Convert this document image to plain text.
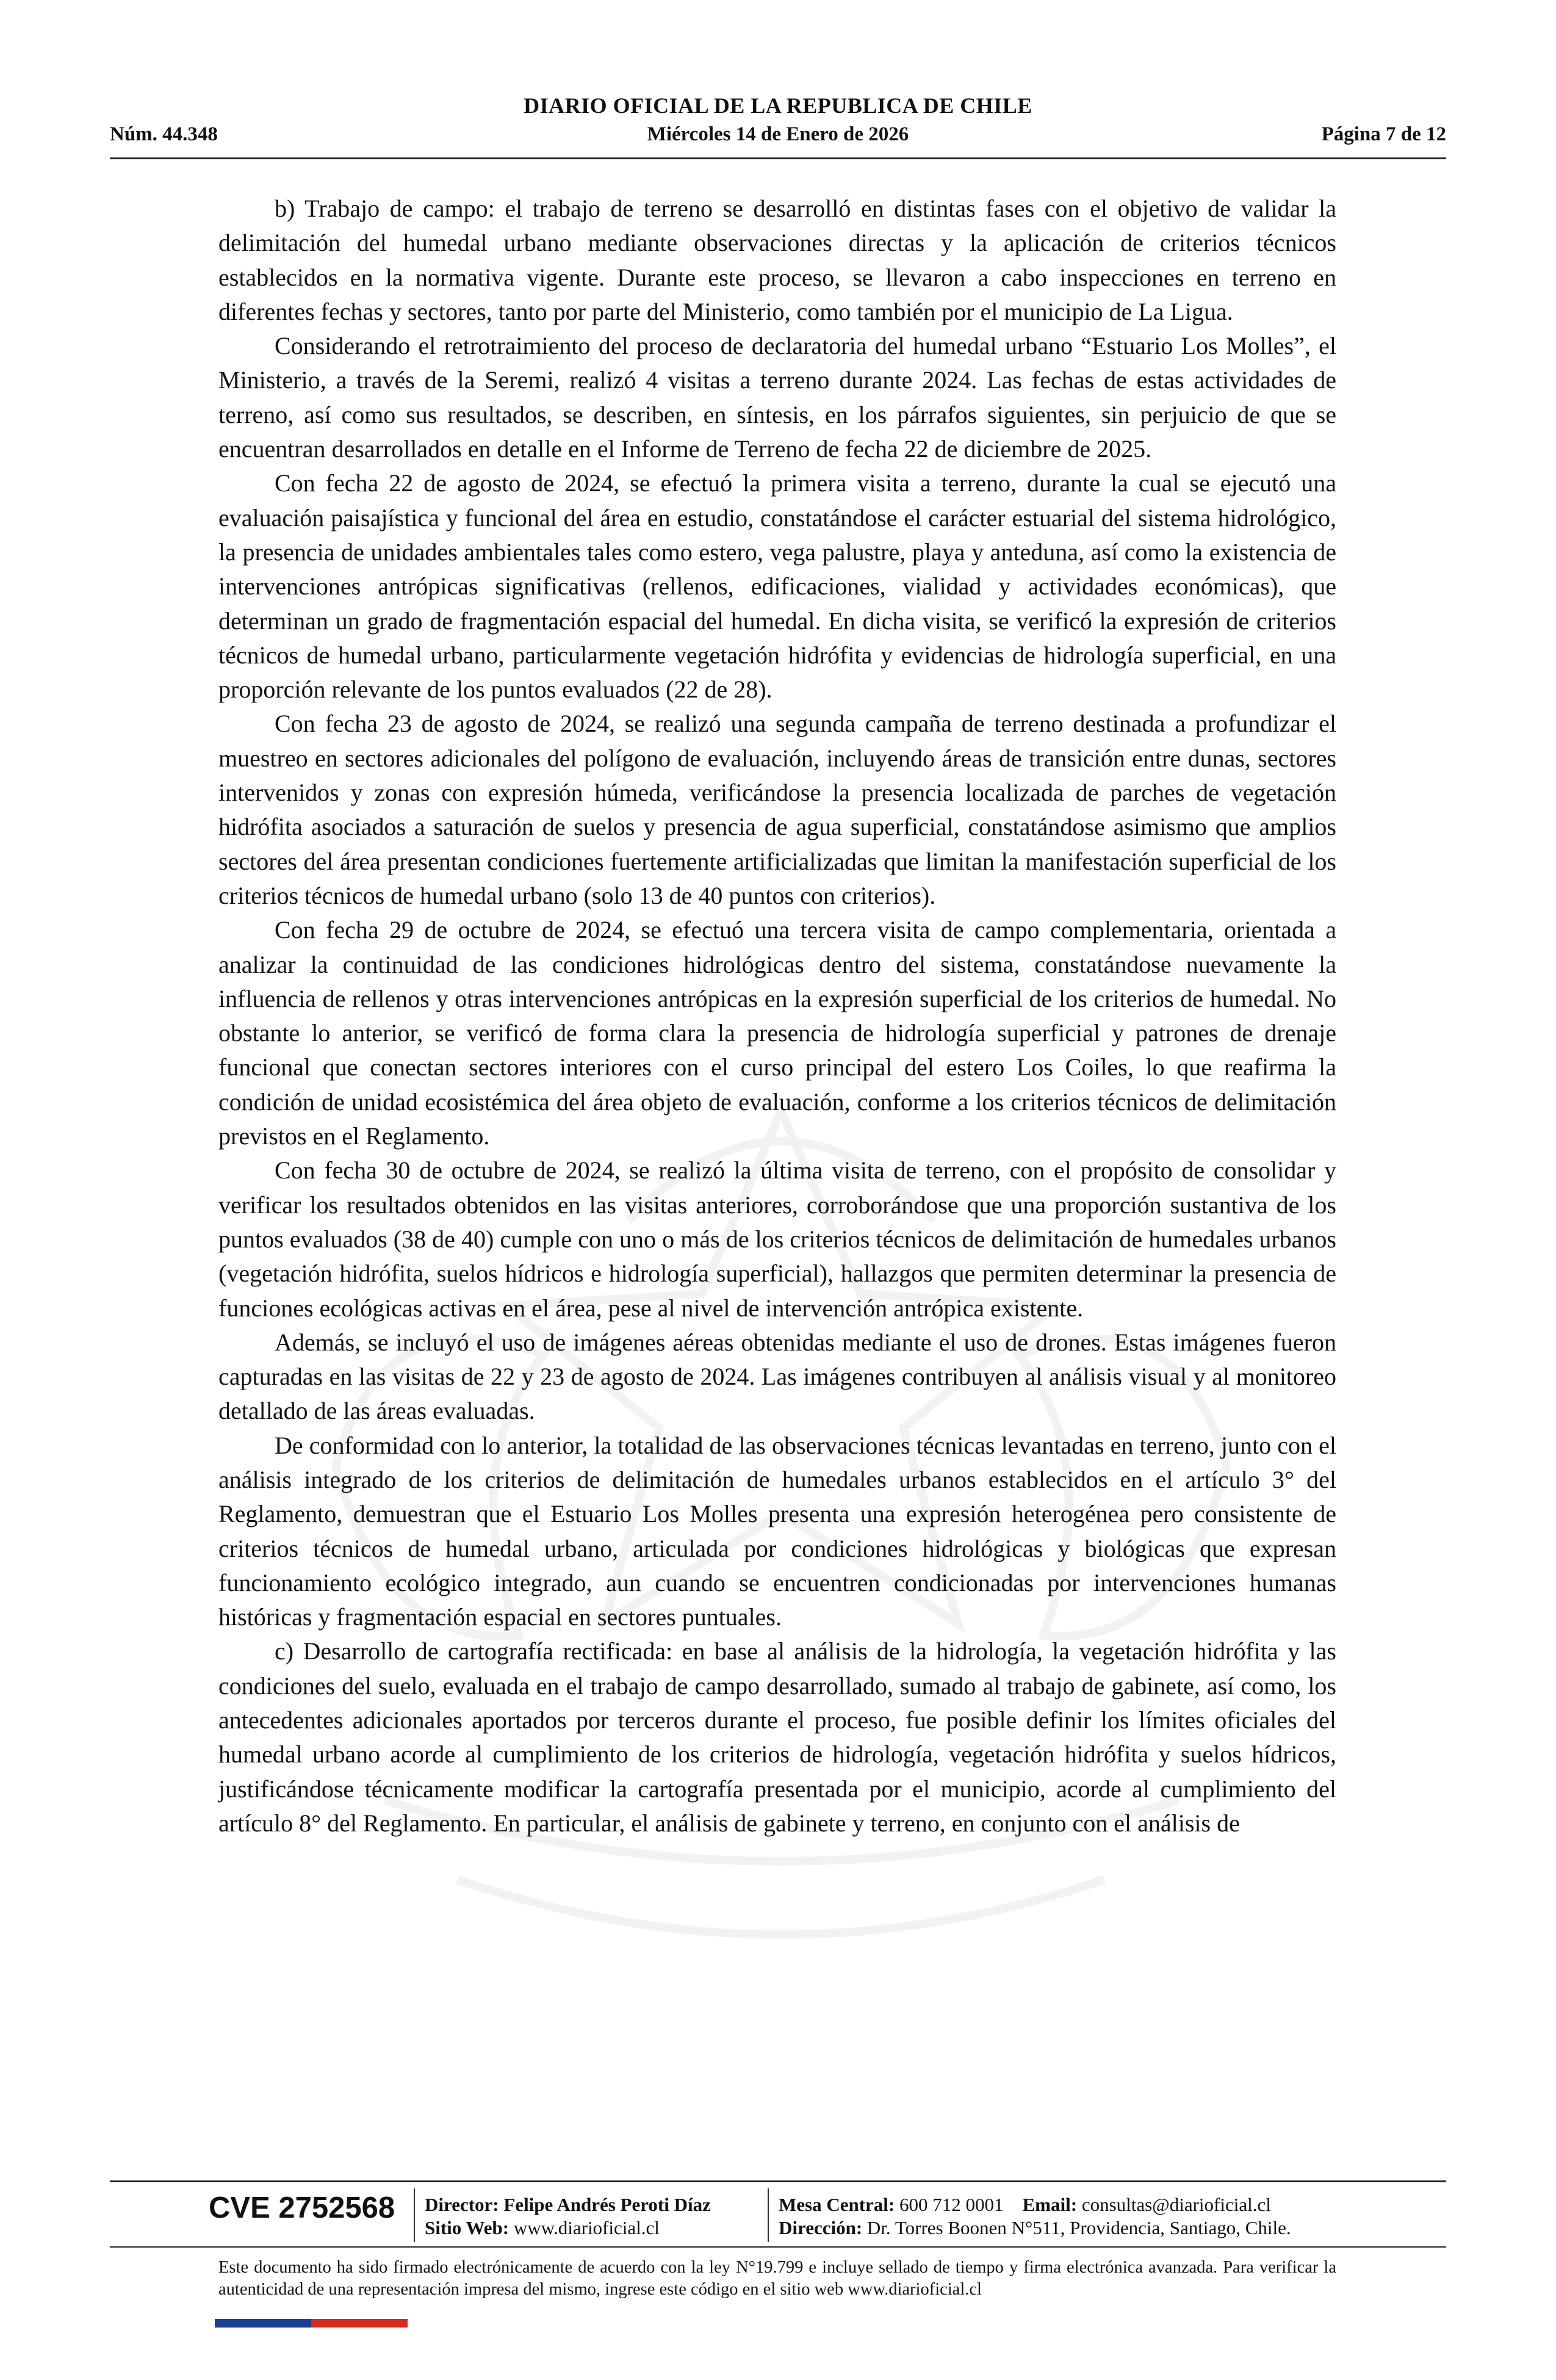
DIARIO OFICIAL DE LA REPUBLICA DE CHILE
Núm. 44.348	Miércoles 14 de Enero de 2026	Página 7 de 12

b) Trabajo de campo: el trabajo de terreno se desarrolló en distintas fases con el objetivo de validar la delimitación del humedal urbano mediante observaciones directas y la aplicación de criterios técnicos establecidos en la normativa vigente. Durante este proceso, se llevaron a cabo inspecciones en terreno en diferentes fechas y sectores, tanto por parte del Ministerio, como también por el municipio de La Ligua.

Considerando el retrotraimiento del proceso de declaratoria del humedal urbano “Estuario Los Molles”, el Ministerio, a través de la Seremi, realizó 4 visitas a terreno durante 2024. Las fechas de estas actividades de terreno, así como sus resultados, se describen, en síntesis, en los párrafos siguientes, sin perjuicio de que se encuentran desarrollados en detalle en el Informe de Terreno de fecha 22 de diciembre de 2025.

Con fecha 22 de agosto de 2024, se efectuó la primera visita a terreno, durante la cual se ejecutó una evaluación paisajística y funcional del área en estudio, constatándose el carácter estuarial del sistema hidrológico, la presencia de unidades ambientales tales como estero, vega palustre, playa y anteduna, así como la existencia de intervenciones antrópicas significativas (rellenos, edificaciones, vialidad y actividades económicas), que determinan un grado de fragmentación espacial del humedal. En dicha visita, se verificó la expresión de criterios técnicos de humedal urbano, particularmente vegetación hidrófita y evidencias de hidrología superficial, en una proporción relevante de los puntos evaluados (22 de 28).

Con fecha 23 de agosto de 2024, se realizó una segunda campaña de terreno destinada a profundizar el muestreo en sectores adicionales del polígono de evaluación, incluyendo áreas de transición entre dunas, sectores intervenidos y zonas con expresión húmeda, verificándose la presencia localizada de parches de vegetación hidrófita asociados a saturación de suelos y presencia de agua superficial, constatándose asimismo que amplios sectores del área presentan condiciones fuertemente artificializadas que limitan la manifestación superficial de los criterios técnicos de humedal urbano (solo 13 de 40 puntos con criterios).

Con fecha 29 de octubre de 2024, se efectuó una tercera visita de campo complementaria, orientada a analizar la continuidad de las condiciones hidrológicas dentro del sistema, constatándose nuevamente la influencia de rellenos y otras intervenciones antrópicas en la expresión superficial de los criterios de humedal. No obstante lo anterior, se verificó de forma clara la presencia de hidrología superficial y patrones de drenaje funcional que conectan sectores interiores con el curso principal del estero Los Coiles, lo que reafirma la condición de unidad ecosistémica del área objeto de evaluación, conforme a los criterios técnicos de delimitación previstos en el Reglamento.

Con fecha 30 de octubre de 2024, se realizó la última visita de terreno, con el propósito de consolidar y verificar los resultados obtenidos en las visitas anteriores, corroborándose que una proporción sustantiva de los puntos evaluados (38 de 40) cumple con uno o más de los criterios técnicos de delimitación de humedales urbanos (vegetación hidrófita, suelos hídricos e hidrología superficial), hallazgos que permiten determinar la presencia de funciones ecológicas activas en el área, pese al nivel de intervención antrópica existente.

Además, se incluyó el uso de imágenes aéreas obtenidas mediante el uso de drones. Estas imágenes fueron capturadas en las visitas de 22 y 23 de agosto de 2024. Las imágenes contribuyen al análisis visual y al monitoreo detallado de las áreas evaluadas.

De conformidad con lo anterior, la totalidad de las observaciones técnicas levantadas en terreno, junto con el análisis integrado de los criterios de delimitación de humedales urbanos establecidos en el artículo 3° del Reglamento, demuestran que el Estuario Los Molles presenta una expresión heterogénea pero consistente de criterios técnicos de humedal urbano, articulada por condiciones hidrológicas y biológicas que expresan funcionamiento ecológico integrado, aun cuando se encuentren condicionadas por intervenciones humanas históricas y fragmentación espacial en sectores puntuales.

c) Desarrollo de cartografía rectificada: en base al análisis de la hidrología, la vegetación hidrófita y las condiciones del suelo, evaluada en el trabajo de campo desarrollado, sumado al trabajo de gabinete, así como, los antecedentes adicionales aportados por terceros durante el proceso, fue posible definir los límites oficiales del humedal urbano acorde al cumplimiento de los criterios de hidrología, vegetación hidrófita y suelos hídricos, justificándose técnicamente modificar la cartografía presentada por el municipio, acorde al cumplimiento del artículo 8° del Reglamento. En particular, el análisis de gabinete y terreno, en conjunto con el análisis de

CVE 2752568 Director: Felipe Andrés Peroti Díaz
Sitio Web: www.diarioficial.cl
Mesa Central: 600 712 0001 Email: consultas@diarioficial.cl
Dirección: Dr. Torres Boonen N°511, Providencia, Santiago, Chile.
Este documento ha sido firmado electrónicamente de acuerdo con la ley N°19.799 e incluye sellado de tiempo y firma electrónica avanzada. Para verificar la autenticidad de una representación impresa del mismo, ingrese este código en el sitio web www.diarioficial.cl
